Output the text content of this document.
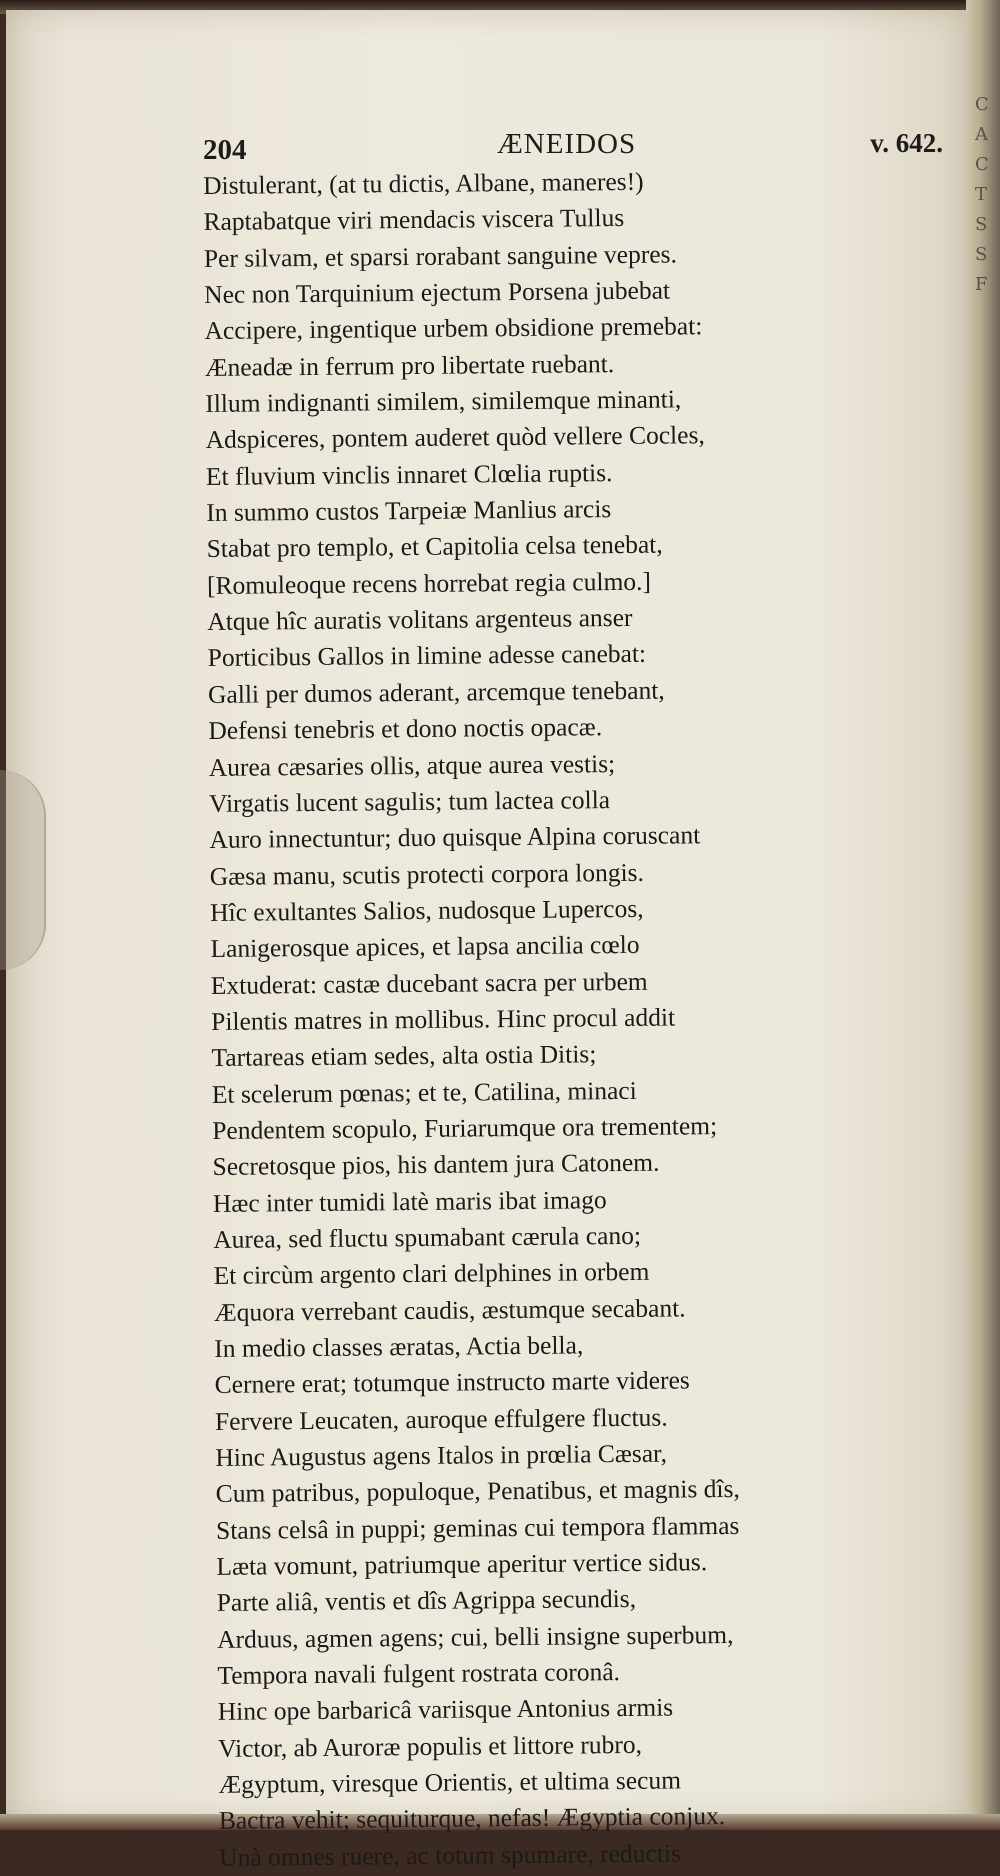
C
A
C
T
S
S
F
204	ÆNEIDOS	v. 642.
Distulerant, (at tu dictis, Albane, maneres!)
Raptabatque viri mendacis viscera Tullus
Per silvam, et sparsi rorabant sanguine vepres.
Nec non Tarquinium ejectum Porsena jubebat
Accipere, ingentique urbem obsidione premebat:
Æneadæ in ferrum pro libertate ruebant.
Illum indignanti similem, similemque minanti,
Adspiceres, pontem auderet quòd vellere Cocles,
Et fluvium vinclis innaret Clœlia ruptis.
In summo custos Tarpeiæ Manlius arcis
Stabat pro templo, et Capitolia celsa tenebat,
[Romuleoque recens horrebat regia culmo.]
Atque hîc auratis volitans argenteus anser
Porticibus Gallos in limine adesse canebat:
Galli per dumos aderant, arcemque tenebant,
Defensi tenebris et dono noctis opacæ.
Aurea cæsaries ollis, atque aurea vestis;
Virgatis lucent sagulis; tum lactea colla
Auro innectuntur; duo quisque Alpina coruscant
Gæsa manu, scutis protecti corpora longis.
Hîc exultantes Salios, nudosque Lupercos,
Lanigerosque apices, et lapsa ancilia cœlo
Extuderat: castæ ducebant sacra per urbem
Pilentis matres in mollibus. Hinc procul addit
Tartareas etiam sedes, alta ostia Ditis;
Et scelerum pœnas; et te, Catilina, minaci
Pendentem scopulo, Furiarumque ora trementem;
Secretosque pios, his dantem jura Catonem.
Hæc inter tumidi latè maris ibat imago
Aurea, sed fluctu spumabant cærula cano;
Et circùm argento clari delphines in orbem
Æquora verrebant caudis, æstumque secabant.
In medio classes æratas, Actia bella,
Cernere erat; totumque instructo marte videres
Fervere Leucaten, auroque effulgere fluctus.
Hinc Augustus agens Italos in prœlia Cæsar,
Cum patribus, populoque, Penatibus, et magnis dîs,
Stans celsâ in puppi; geminas cui tempora flammas
Læta vomunt, patriumque aperitur vertice sidus.
Parte aliâ, ventis et dîs Agrippa secundis,
Arduus, agmen agens; cui, belli insigne superbum,
Tempora navali fulgent rostrata coronâ.
Hinc ope barbaricâ variisque Antonius armis
Victor, ab Auroræ populis et littore rubro,
Ægyptum, viresque Orientis, et ultima secum
Bactra vehit; sequiturque, nefas! Ægyptia conjux.
Unà omnes ruere, ac totum spumare, reductis
